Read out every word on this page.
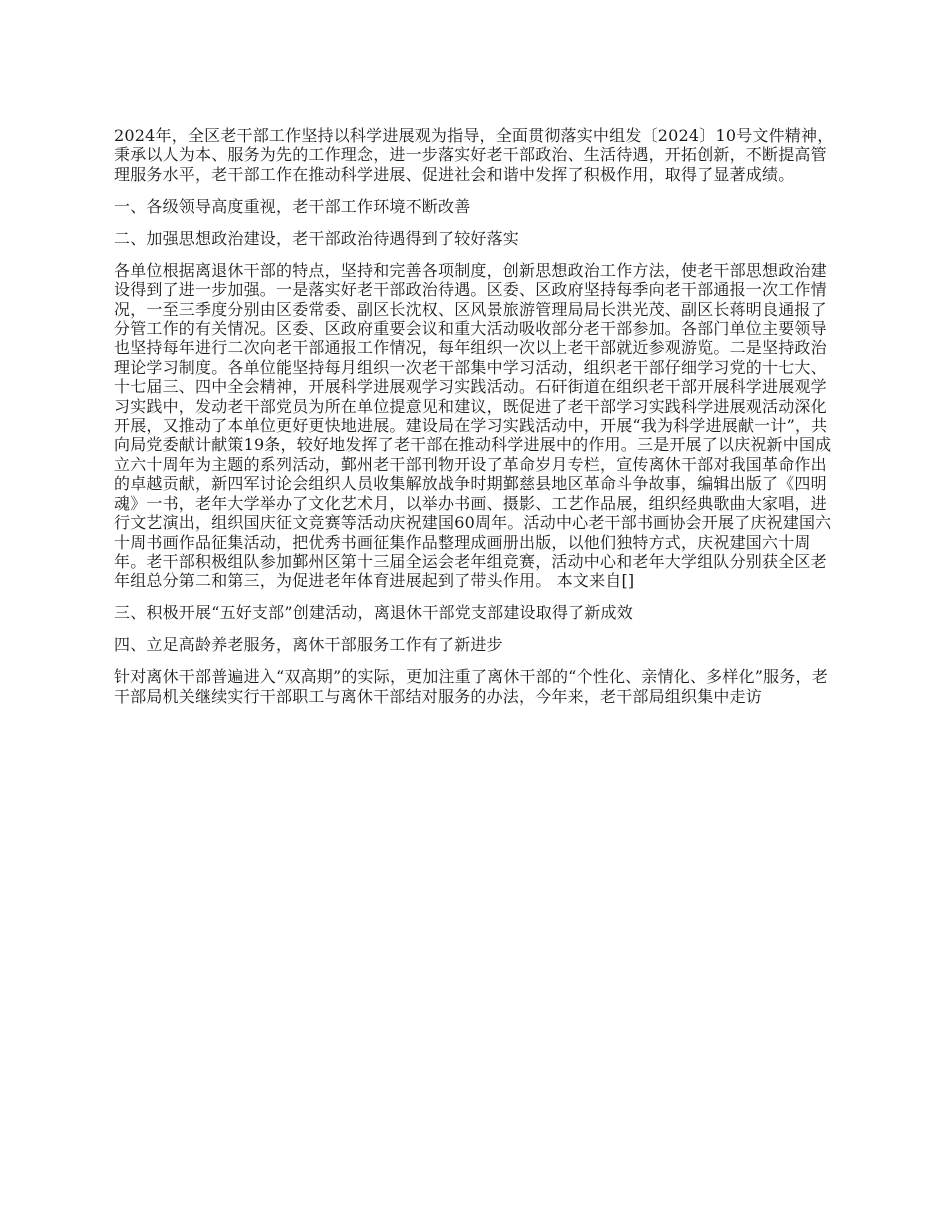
2024年，全区老干部工作坚持以科学进展观为指导，全面贯彻落实中组发〔2024〕10号文件精神，秉承以人为本、服务为先的工作理念，进一步落实好老干部政治、生活待遇，开拓创新，不断提高管理服务水平，老干部工作在推动科学进展、促进社会和谐中发挥了积极作用，取得了显著成绩。

一、各级领导高度重视，老干部工作环境不断改善

二、加强思想政治建设，老干部政治待遇得到了较好落实

各单位根据离退休干部的特点，坚持和完善各项制度，创新思想政治工作方法，使老干部思想政治建设得到了进一步加强。一是落实好老干部政治待遇。区委、区政府坚持每季向老干部通报一次工作情况，一至三季度分别由区委常委、副区长沈权、区风景旅游管理局局长洪光茂、副区长蒋明良通报了分管工作的有关情况。区委、区政府重要会议和重大活动吸收部分老干部参加。各部门单位主要领导也坚持每年进行二次向老干部通报工作情况，每年组织一次以上老干部就近参观游览。二是坚持政治理论学习制度。各单位能坚持每月组织一次老干部集中学习活动，组织老干部仔细学习党的十七大、十七届三、四中全会精神，开展科学进展观学习实践活动。石矸街道在组织老干部开展科学进展观学习实践中，发动老干部党员为所在单位提意见和建议，既促进了老干部学习实践科学进展观活动深化开展，又推动了本单位更好更快地进展。建设局在学习实践活动中，开展“我为科学进展献一计”，共向局党委献计献策19条，较好地发挥了老干部在推动科学进展中的作用。三是开展了以庆祝新中国成立六十周年为主题的系列活动，鄞州老干部刊物开设了革命岁月专栏，宣传离休干部对我国革命作出的卓越贡献，新四军讨论会组织人员收集解放战争时期鄞慈县地区革命斗争故事，编辑出版了《四明魂》一书，老年大学举办了文化艺术月，以举办书画、摄影、工艺作品展，组织经典歌曲大家唱，进行文艺演出，组织国庆征文竞赛等活动庆祝建国60周年。活动中心老干部书画协会开展了庆祝建国六十周书画作品征集活动，把优秀书画征集作品整理成画册出版，以他们独特方式，庆祝建国六十周年。老干部积极组队参加鄞州区第十三届全运会老年组竞赛，活动中心和老年大学组队分别获全区老年组总分第二和第三，为促进老年体育进展起到了带头作用。 本文来自[]

三、积极开展“五好支部”创建活动，离退休干部党支部建设取得了新成效

四、立足高龄养老服务，离休干部服务工作有了新进步

针对离休干部普遍进入“双高期”的实际，更加注重了离休干部的“个性化、亲情化、多样化”服务，老干部局机关继续实行干部职工与离休干部结对服务的办法，今年来，老干部局组织集中走访
